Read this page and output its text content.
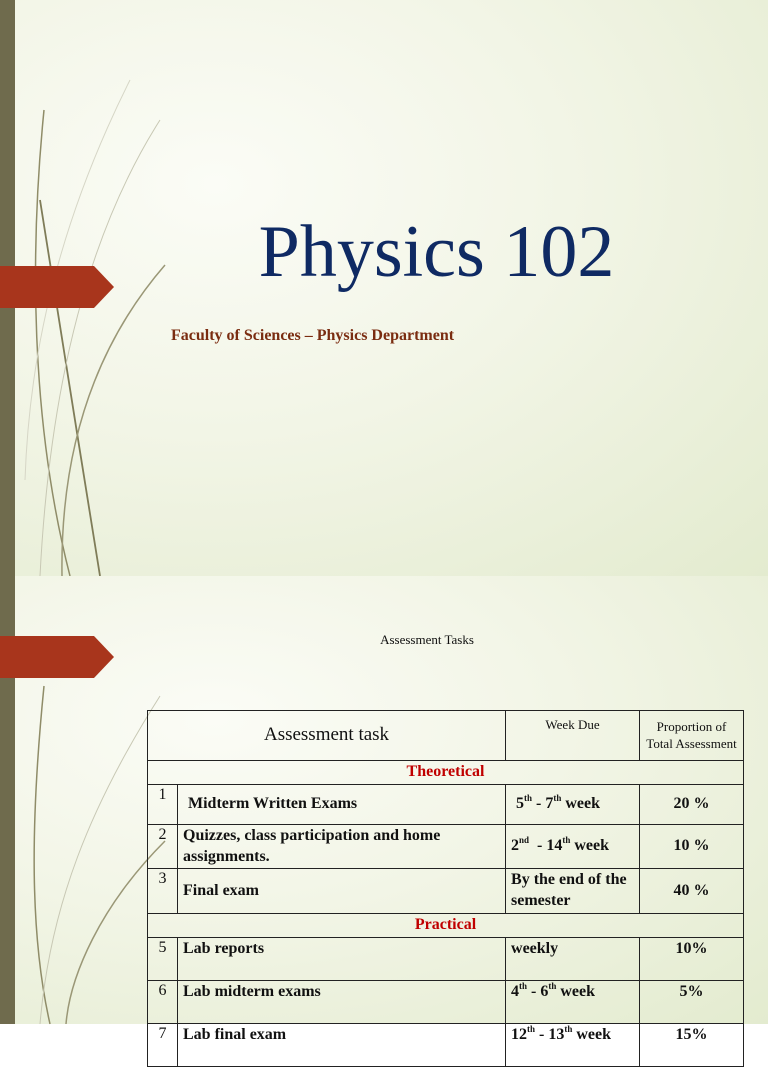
Physics 102
Faculty of Sciences – Physics Department
Assessment Tasks
Assessment task		Week Due	Proportion of Total Assessment
Theoretical			
1	Midterm Written Exams	5th - 7th week	20 %
2	Quizzes, class participation and home assignments.	2nd  - 14th week	10 %
3	Final exam	By the end of the semester	40 %
Practical			
5	Lab reports	weekly	10%
6	Lab midterm exams	4th - 6th week	5%
7	Lab final exam	12th - 13th week	15%
